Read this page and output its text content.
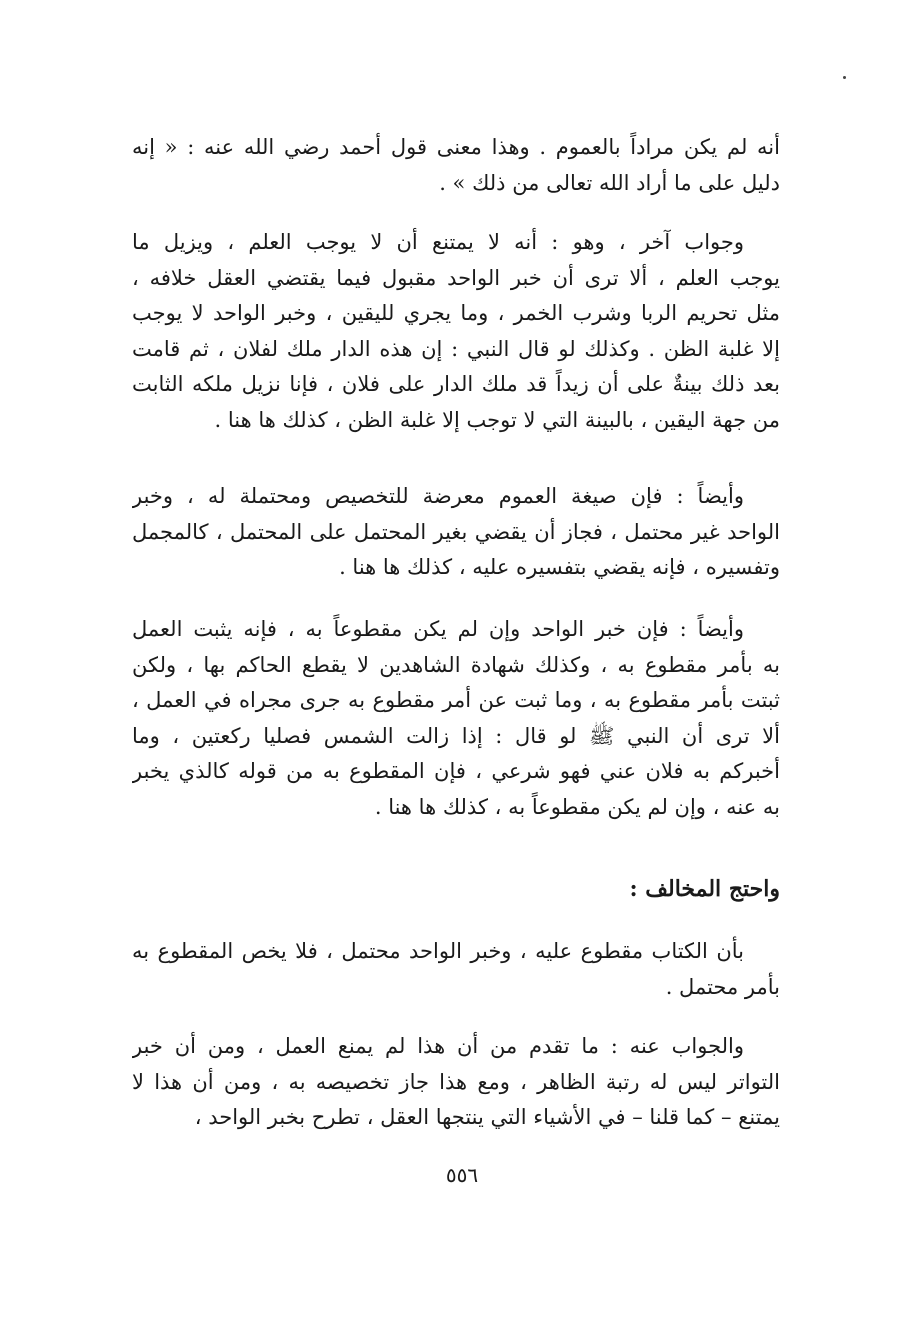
أنه لم يكن مراداً بالعموم . وهذا معنى قول أحمد رضي الله عنه : « إنه
دليل على ما أراد الله تعالى من ذلك » .
وجواب آخر ، وهو : أنه لا يمتنع أن لا يوجب العلم ، ويزيل ما
يوجب العلم ، ألا ترى أن خبر الواحد مقبول فيما يقتضي العقل خلافه ،
مثل تحريم الربا وشرب الخمر ، وما يجري لليقين ، وخبر الواحد لا يوجب
إلا غلبة الظن . وكذلك لو قال النبي : إن هذه الدار ملك لفلان ، ثم قامت
بعد ذلك بينةٌ على أن زيداً قد ملك الدار على فلان ، فإنا نزيل ملكه الثابت
من جهة اليقين ، بالبينة التي لا توجب إلا غلبة الظن ، كذلك ها هنا .
وأيضاً : فإن صيغة العموم معرضة للتخصيص ومحتملة له ، وخبر
الواحد غير محتمل ، فجاز أن يقضي بغير المحتمل على المحتمل ، كالمجمل
وتفسيره ، فإنه يقضي بتفسيره عليه ، كذلك ها هنا .
وأيضاً : فإن خبر الواحد وإن لم يكن مقطوعاً به ، فإنه يثبت العمل
به بأمر مقطوع به ، وكذلك شهادة الشاهدين لا يقطع الحاكم بها ، ولكن
ثبتت بأمر مقطوع به ، وما ثبت عن أمر مقطوع به جرى مجراه في العمل ،
ألا ترى أن النبي ﷺ لو قال : إذا زالت الشمس فصليا ركعتين ، وما
أخبركم به فلان عني فهو شرعي ، فإن المقطوع به من قوله كالذي يخبر
به عنه ، وإن لم يكن مقطوعاً به ، كذلك ها هنا .
واحتج المخالف :
بأن الكتاب مقطوع عليه ، وخبر الواحد محتمل ، فلا يخص المقطوع به
بأمر محتمل .
والجواب عنه : ما تقدم من أن هذا لم يمنع العمل ، ومن أن خبر
التواتر ليس له رتبة الظاهر ، ومع هذا جاز تخصيصه به ، ومن أن هذا لا
يمتنع – كما قلنا – في الأشياء التي ينتجها العقل ، تطرح بخبر الواحد ،
٥٥٦
